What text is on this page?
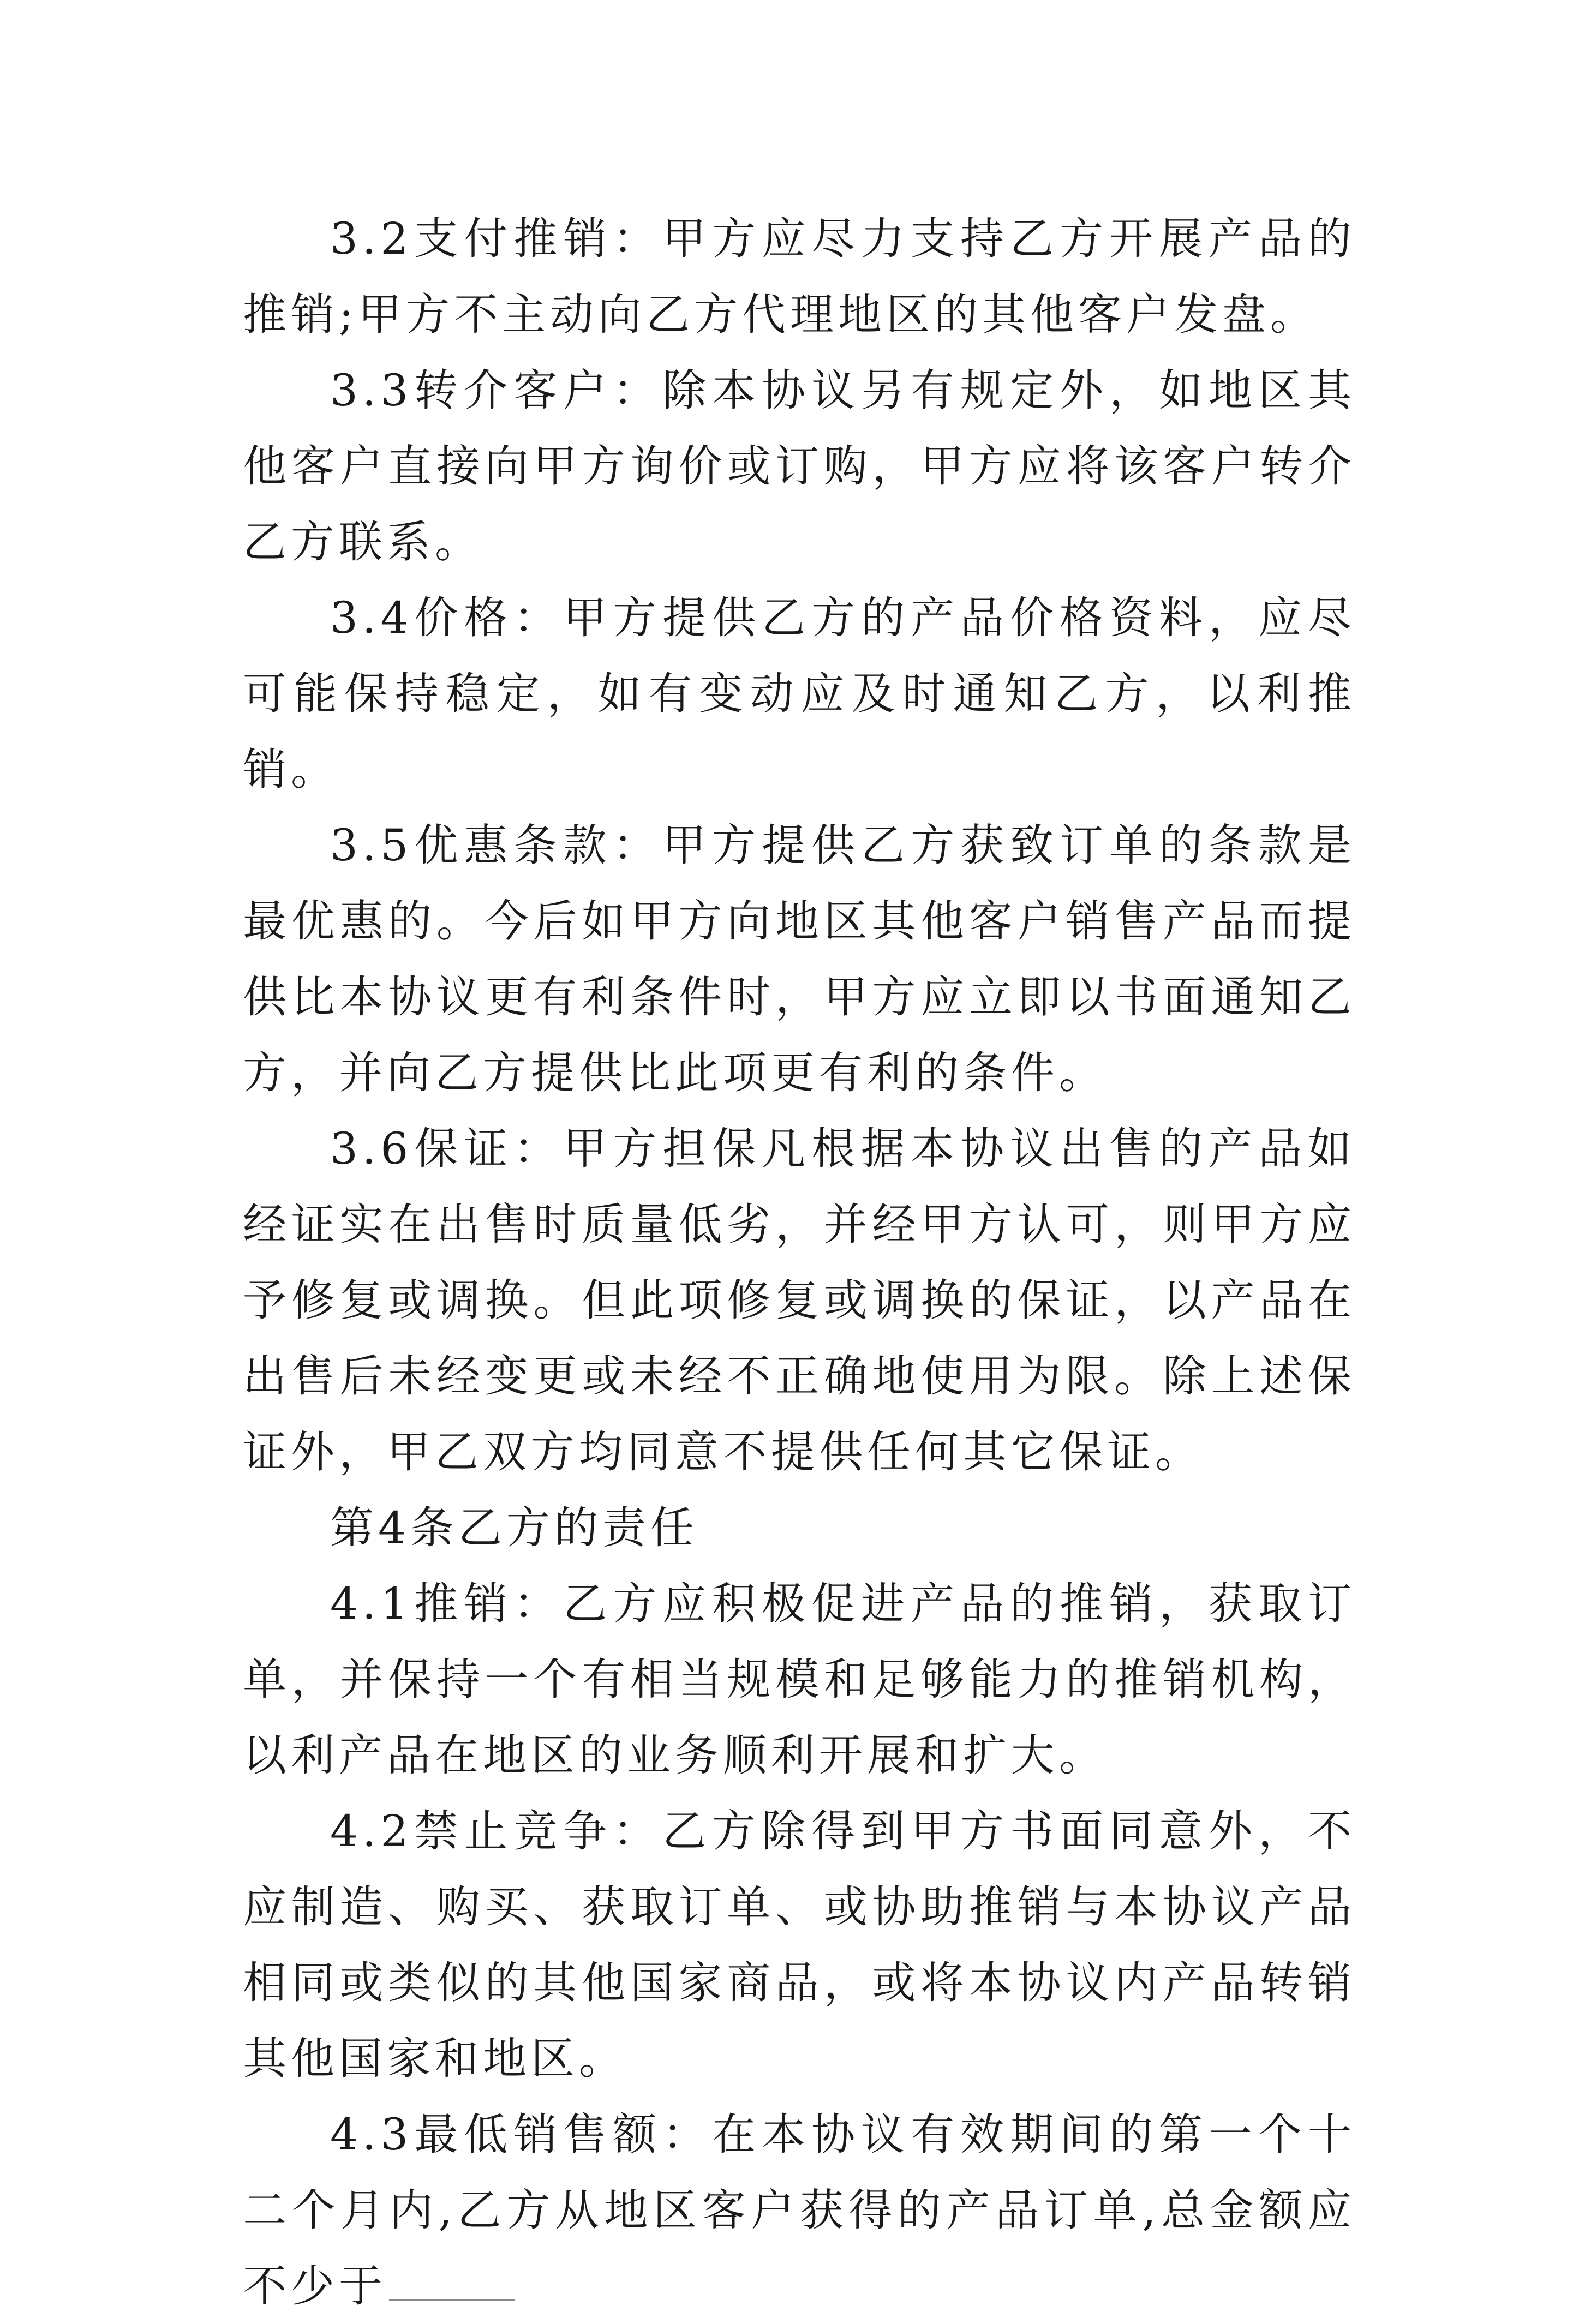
3.2支付推销：甲方应尽力支持乙方开展产品的推销;甲方不主动向乙方代理地区的其他客户发盘。

3.3转介客户：除本协议另有规定外，如地区其他客户直接向甲方询价或订购，甲方应将该客户转介乙方联系。

3.4价格：甲方提供乙方的产品价格资料，应尽可能保持稳定，如有变动应及时通知乙方，以利推销。

3.5优惠条款：甲方提供乙方获致订单的条款是最优惠的。今后如甲方向地区其他客户销售产品而提供比本协议更有利条件时，甲方应立即以书面通知乙方，并向乙方提供比此项更有利的条件。

3.6保证：甲方担保凡根据本协议出售的产品如经证实在出售时质量低劣，并经甲方认可，则甲方应予修复或调换。但此项修复或调换的保证，以产品在出售后未经变更或未经不正确地使用为限。除上述保证外，甲乙双方均同意不提供任何其它保证。

第4条乙方的责任

4.1推销：乙方应积极促进产品的推销，获取订单，并保持一个有相当规模和足够能力的推销机构，以利产品在地区的业务顺利开展和扩大。

4.2禁止竞争：乙方除得到甲方书面同意外，不应制造、购买、获取订单、或协助推销与本协议产品相同或类似的其他国家商品，或将本协议内产品转销其他国家和地区。

4.3最低销售额：在本协议有效期间的第一个十二个月内,乙方从地区客户获得的产品订单,总金额应不少于
